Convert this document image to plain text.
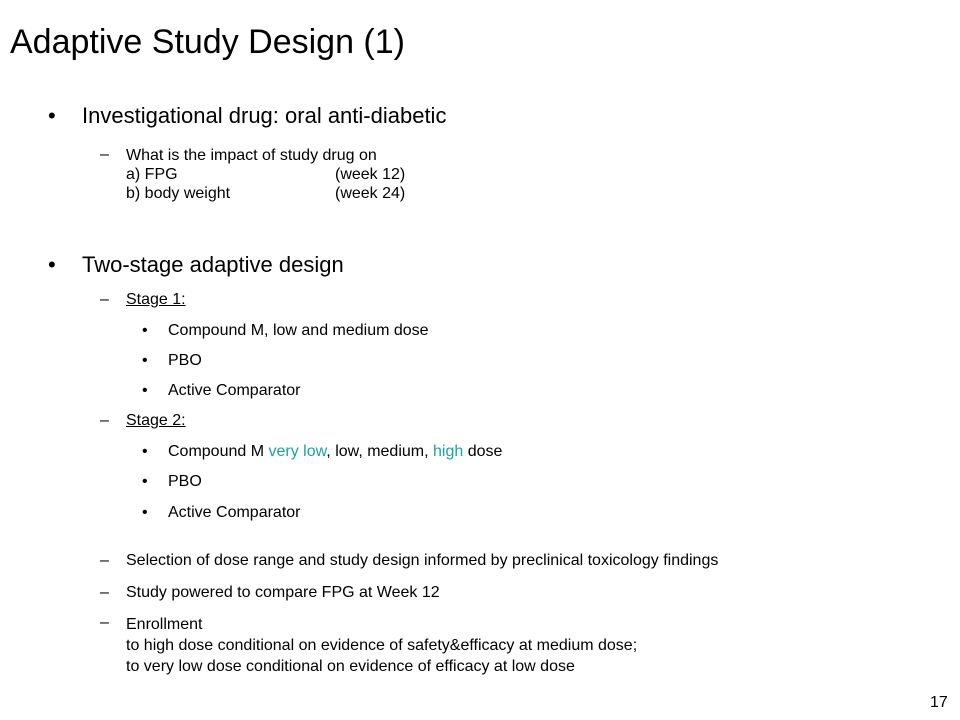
Adaptive Study Design (1)
• Investigational drug: oral anti-diabetic
– What is the impact of study drug on
a) FPG	(week 12)
b) body weight	(week 24)
• Two-stage adaptive design
– Stage 1:
• Compound M, low and medium dose
• PBO
• Active Comparator
– Stage 2:
• Compound M very low, low, medium, high dose
• PBO
• Active Comparator
– Selection of dose range and study design informed by preclinical toxicology findings
– Study powered to compare FPG at Week 12
– Enrollment
to high dose conditional on evidence of safety&efficacy at medium dose;
to very low dose conditional on evidence of efficacy at low dose
17
